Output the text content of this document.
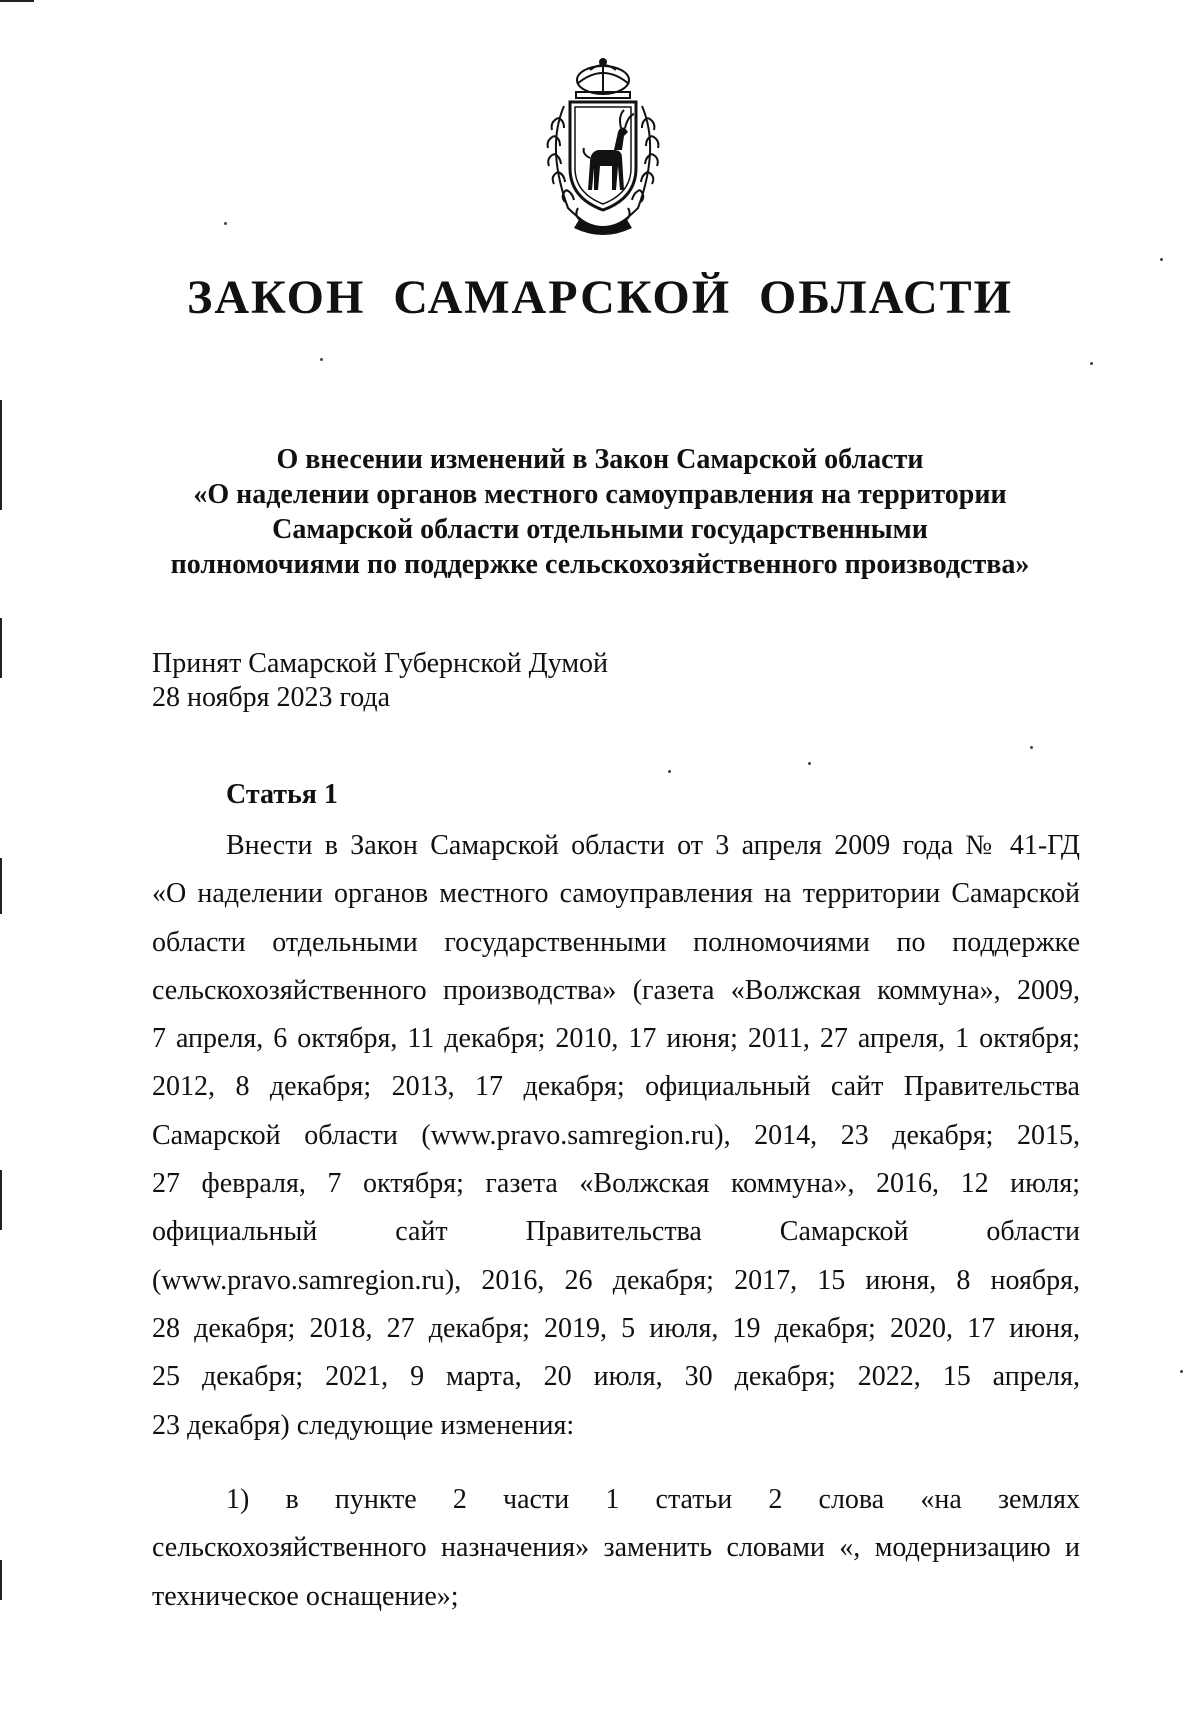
ЗАКОН САМАРСКОЙ ОБЛАСТИ
О внесении изменений в Закон Самарской области
«О наделении органов местного самоуправления на территории
Самарской области отдельными государственными
полномочиями по поддержке сельскохозяйственного производства»
Принят Самарской Губернской Думой
28 ноября 2023 года
Статья 1
Внести в Закон Самарской области от 3 апреля 2009 года № 41-ГД
«О наделении органов местного самоуправления на территории Самарской
области отдельными государственными полномочиями по поддержке
сельскохозяйственного производства» (газета «Волжская коммуна», 2009,
7 апреля, 6 октября, 11 декабря; 2010, 17 июня; 2011, 27 апреля, 1 октября;
2012, 8 декабря; 2013, 17 декабря; официальный сайт Правительства
Самарской области (www.pravo.samregion.ru), 2014, 23 декабря; 2015,
27 февраля, 7 октября; газета «Волжская коммуна», 2016, 12 июля;
официальный сайт Правительства Самарской области
(www.pravo.samregion.ru), 2016, 26 декабря; 2017, 15 июня, 8 ноября,
28 декабря; 2018, 27 декабря; 2019, 5 июля, 19 декабря; 2020, 17 июня,
25 декабря; 2021, 9 марта, 20 июля, 30 декабря; 2022, 15 апреля,
23 декабря) следующие изменения:
1) в пункте 2 части 1 статьи 2 слова «на землях
сельскохозяйственного назначения» заменить словами «, модернизацию и
техническое оснащение»;
